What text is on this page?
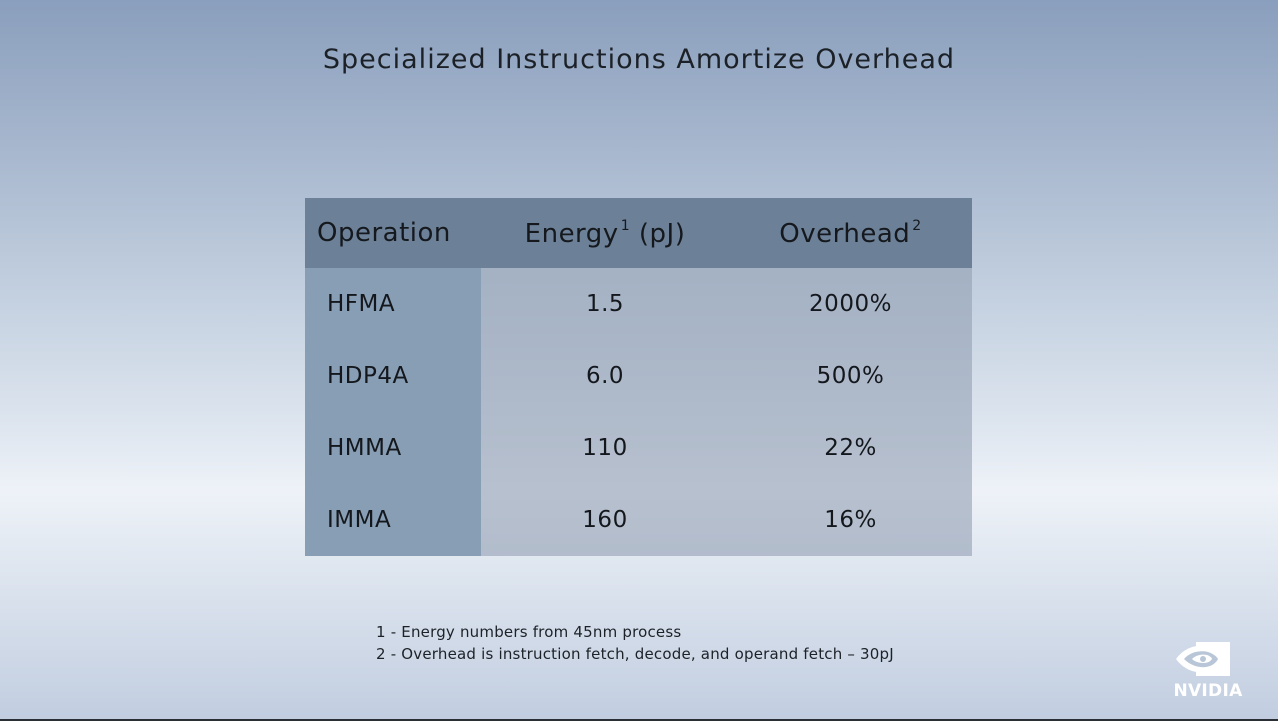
Specialized Instructions Amortize Overhead
Operation	Energy $^1$ (pJ)	Overhead $^2$
HFMA	1.5	2000%
HDP4A	6.0	500%
HMMA	110	22%
IMMA	160	16%
1 - Energy numbers from 45nm process
2 - Overhead is instruction fetch, decode, and operand fetch – 30pJ
NVIDIA
